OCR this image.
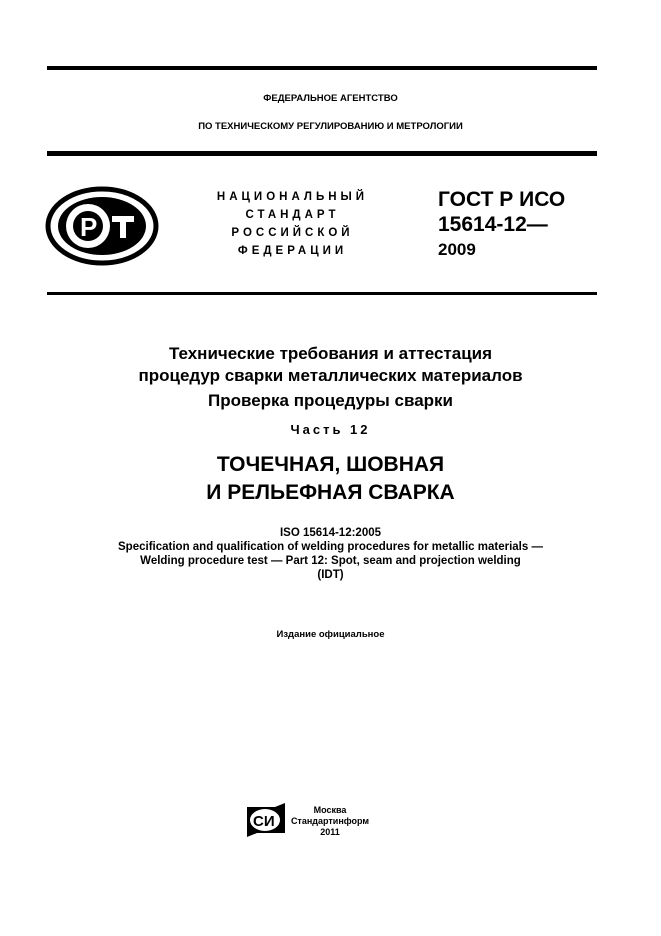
ФЕДЕРАЛЬНОЕ АГЕНТСТВО
ПО ТЕХНИЧЕСКОМУ РЕГУЛИРОВАНИЮ И МЕТРОЛОГИИ
P
НАЦИОНАЛЬНЫЙ
СТАНДАРТ
РОССИЙСКОЙ
ФЕДЕРАЦИИ
ГОСТ Р ИСО
15614-12—
2009
Технические требования и аттестация
процедур сварки металлических материалов
Проверка процедуры сварки
Часть 12
ТОЧЕЧНАЯ, ШОВНАЯ
И РЕЛЬЕФНАЯ СВАРКА
ISO 15614-12:2005
Specification and qualification of welding procedures for metallic materials —
Welding procedure test — Part 12: Spot, seam and projection welding
(IDT)
Издание официальное
СИ
Москва
Стандартинформ
2011
